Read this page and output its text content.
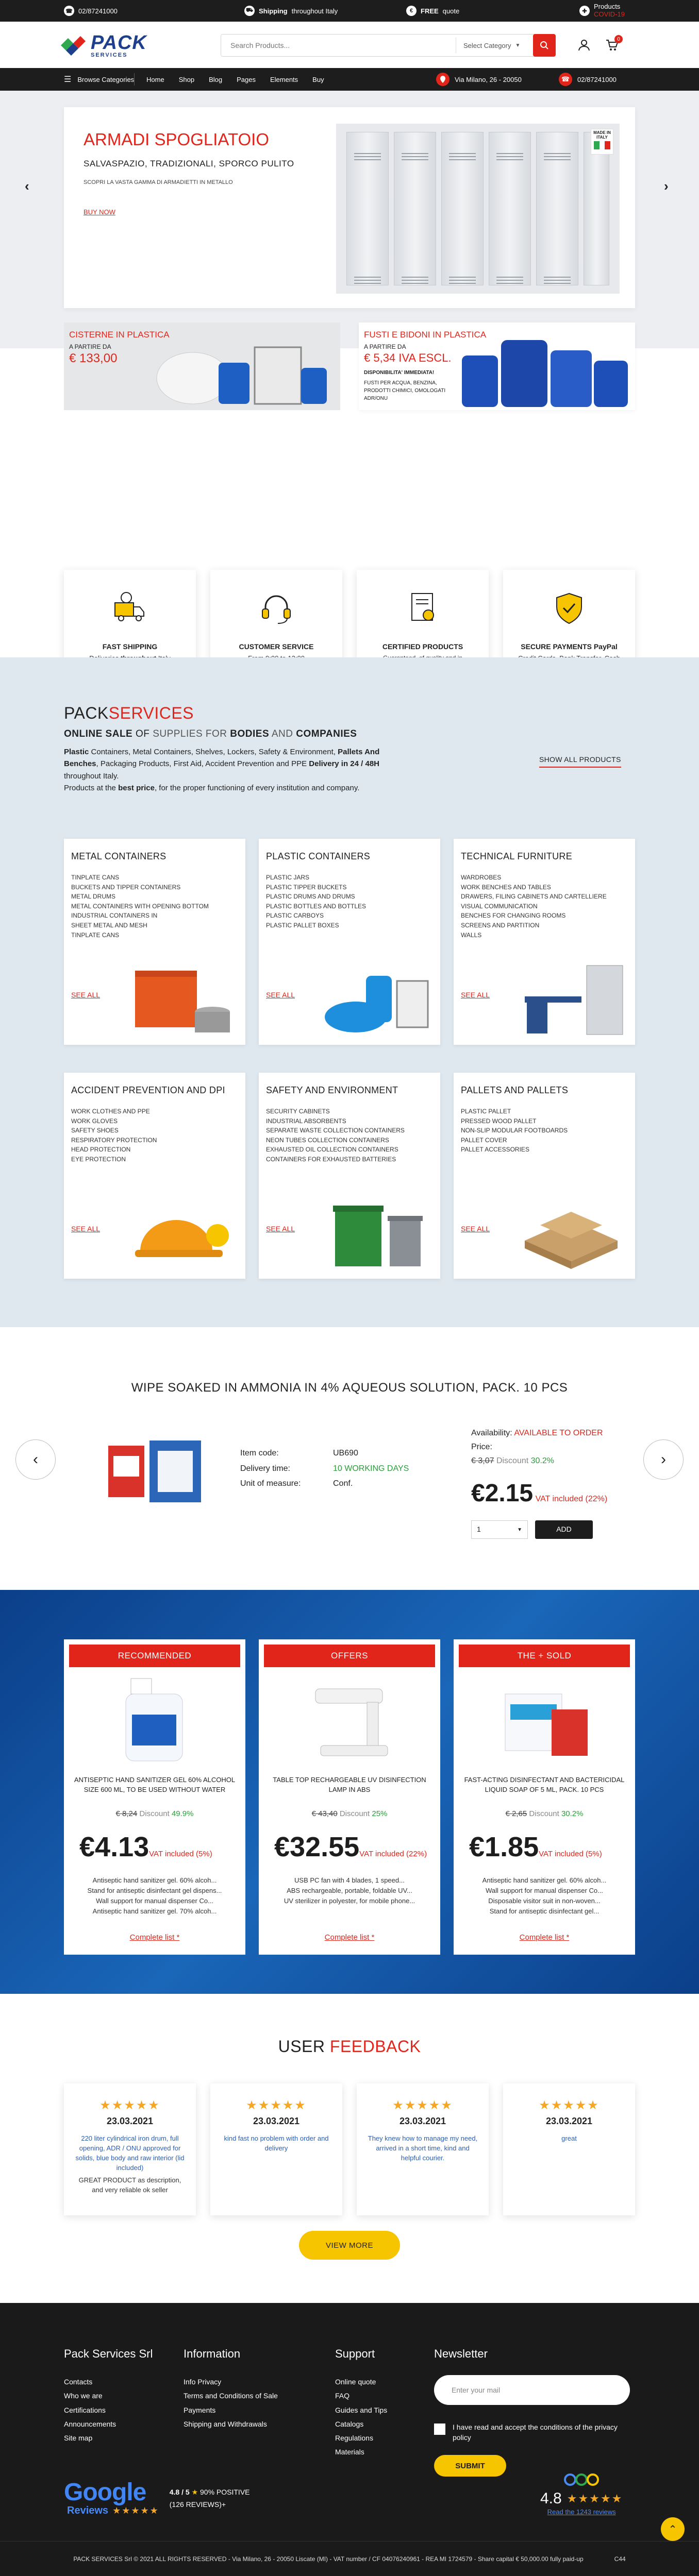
☎ 02/87241000	⛟ Shipping throughout Italy	€	FREE quote	✚
Products
COVID-19
PACK
SERVICES
Search Products...
Select Category ▼
0
☰ Browse Categories Home Shop Blog Pages Elements Buy	Via Milano, 26 - 20050	☎	02/87241000
‹	›
ARMADI SPOGLIATOIO
SALVASPAZIO, TRADIZIONALI, SPORCO PULITO
SCOPRI LA VASTA GAMMA DI ARMADIETTI IN METALLO
BUY NOW
MADE IN ITALY
CISTERNE IN PLASTICA
A PARTIRE DA
€ 133,00
FUSTI E BIDONI IN PLASTICA
A PARTIRE DA
€ 5,34 IVA ESCL.
DISPONIBILITA' IMMEDIATA!
FUSTI PER ACQUA, BENZINA, PRODOTTI CHIMICI, OMOLOGATI ADR/ONU
FAST SHIPPING	CUSTOMER SERVICE	CERTIFIED PRODUCTS	SECURE PAYMENTS PayPal
PACKSERVICES
ONLINE SALE OF SUPPLIES FOR BODIES AND COMPANIES
Plastic Containers, Metal Containers, Shelves, Lockers, Safety & Environment, Pallets And Benches, Packaging Products, First Aid, Accident Prevention and PPE Delivery in 24 / 48H throughout Italy.
Products at the best price, for the proper functioning of every institution and company.
SHOW ALL PRODUCTS
METAL CONTAINERS
TINPLATE CANS
BUCKETS AND TIPPER CONTAINERS
METAL DRUMS
METAL CONTAINERS WITH OPENING BOTTOM
INDUSTRIAL CONTAINERS IN SHEET METAL AND MESH
TINPLATE CANS
SEE ALL
PLASTIC CONTAINERS
PLASTIC JARS
PLASTIC TIPPER BUCKETS
PLASTIC DRUMS AND DRUMS
PLASTIC BOTTLES AND BOTTLES
PLASTIC CARBOYS
PLASTIC PALLET BOXES
SEE ALL
TECHNICAL FURNITURE
WARDROBES
WORK BENCHES AND TABLES
DRAWERS, FILING CABINETS AND CARTELLIERE
VISUAL COMMUNICATION
BENCHES FOR CHANGING ROOMS
SCREENS AND PARTITION WALLS
SEE ALL
ACCIDENT PREVENTION AND DPI
WORK CLOTHES AND PPE
WORK GLOVES
SAFETY SHOES
RESPIRATORY PROTECTION
HEAD PROTECTION
EYE PROTECTION
SEE ALL
SAFETY AND ENVIRONMENT
SECURITY CABINETS
INDUSTRIAL ABSORBENTS
SEPARATE WASTE COLLECTION CONTAINERS
NEON TUBES COLLECTION CONTAINERS
EXHAUSTED OIL COLLECTION CONTAINERS
CONTAINERS FOR EXHAUSTED BATTERIES
SEE ALL
PALLETS AND PALLETS
PLASTIC PALLET
PRESSED WOOD PALLET
NON-SLIP MODULAR FOOTBOARDS
PALLET COVER
PALLET ACCESSORIES
SEE ALL
WIPE SOAKED IN AMMONIA IN 4% AQUEOUS SOLUTION, PACK. 10 PCS
‹	›
Item code:
Delivery time:
Unit of measure:
UB690
10 WORKING DAYS
Conf.
Availability: AVAILABLE TO ORDER
Price:
€ 3,07 Discount 30.2%
€2.15 VAT included (22%)
1	▼	ADD
RECOMMENDED
ANTISEPTIC HAND SANITIZER GEL 60% ALCOHOL SIZE 600 ML, TO BE USED WITHOUT WATER
€ 8,24 Discount 49.9%
€4.13VAT included (5%)
Antiseptic hand sanitizer gel. 60% alcoh...
Stand for antiseptic disinfectant gel dispens...
Wall support for manual dispenser Co...
Antiseptic hand sanitizer gel. 70% alcoh...
Complete list *
OFFERS
TABLE TOP RECHARGEABLE UV DISINFECTION LAMP IN ABS
€ 43,40 Discount 25%
€32.55VAT included (22%)
USB PC fan with 4 blades, 1 speed...
ABS rechargeable, portable, foldable UV...
UV sterilizer in polyester, for mobile phone...
Complete list *
THE + SOLD
FAST-ACTING DISINFECTANT AND BACTERICIDAL LIQUID SOAP OF 5 ML, PACK. 10 PCS
€ 2,65 Discount 30.2%
€1.85VAT included (5%)
Antiseptic hand sanitizer gel. 60% alcoh...
Wall support for manual dispenser Co...
Disposable visitor suit in non-woven...
Stand for antiseptic disinfectant gel...
Complete list *
USER FEEDBACK
★★★★★
23.03.2021
220 liter cylindrical iron drum, full opening, ADR / ONU approved for solids, blue body and raw interior (lid included)
GREAT PRODUCT as description, and very reliable ok seller
★★★★★
23.03.2021
kind fast no problem with order and delivery
★★★★★
23.03.2021
They knew how to manage my need, arrived in a short time, kind and helpful courier.
★★★★★
23.03.2021
great
VIEW MORE
Pack Services Srl
Contacts
Who we are
Certifications
Announcements
Site map
Information
Info Privacy
Terms and Conditions of Sale
Payments
Shipping and Withdrawals
Support
Online quote
FAQ
Guides and Tips
Catalogs
Regulations
Materials
Newsletter
Enter your mail
I have read and accept the conditions of the privacy policy
SUBMIT
Google
Reviews ★★★★★
4.8 / 5 ★ 90% POSITIVE
(126 REVIEWS)+	4.8 ★★★★★
Read the 1243 reviews
⌃
PACK SERVICES Srl © 2021 ALL RIGHTS RESERVED - Via Milano, 26 - 20050 Liscate (MI) - VAT number / CF 04076240961 - REA MI 1724579 - Share capital € 50,000.00 fully paid-up	C44
